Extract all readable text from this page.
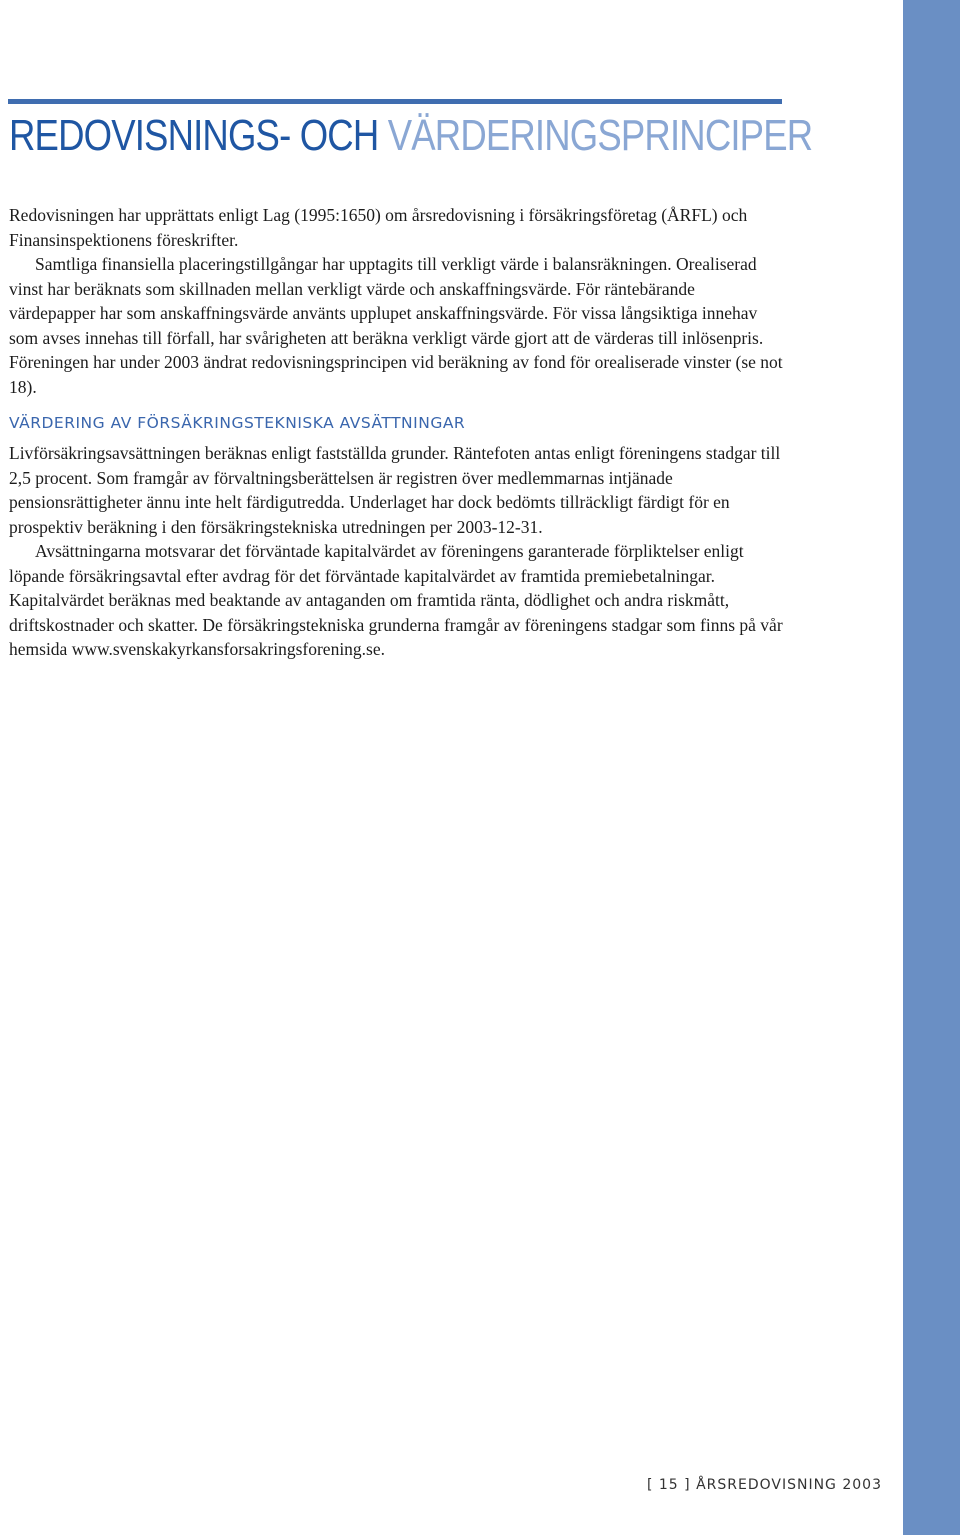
REDOVISNINGS- OCH VÄRDERINGSPRINCIPER

Redovisningen har upprättats enligt Lag (1995:1650) om årsredovisning i försäkringsföretag (ÅRFL) och Finansinspektionens föreskrifter.

Samtliga finansiella placeringstillgångar har upptagits till verkligt värde i balansräkningen. Orealiserad vinst har beräknats som skillnaden mellan verkligt värde och anskaffningsvärde. För räntebärande värdepapper har som anskaffningsvärde använts upplupet anskaffningsvärde. För vissa långsiktiga innehav som avses innehas till förfall, har svårigheten att beräkna verkligt värde gjort att de värderas till inlösenpris. Föreningen har under 2003 ändrat redovisningsprincipen vid beräkning av fond för orealiserade vinster (se not 18).

VÄRDERING AV FÖRSÄKRINGSTEKNISKA AVSÄTTNINGAR

Livförsäkringsavsättningen beräknas enligt fastställda grunder. Räntefoten antas enligt föreningens stadgar till 2,5 procent. Som framgår av förvaltningsberättelsen är registren över medlemmarnas intjänade pensionsrättigheter ännu inte helt färdigutredda. Underlaget har dock bedömts tillräckligt färdigt för en prospektiv beräkning i den försäkringstekniska utredningen per 2003-12-31.

Avsättningarna motsvarar det förväntade kapitalvärdet av föreningens garanterade förpliktelser enligt löpande försäkringsavtal efter avdrag för det förväntade kapitalvärdet av framtida premiebetalningar. Kapitalvärdet beräknas med beaktande av antaganden om framtida ränta, dödlighet och andra riskmått, driftskostnader och skatter. De försäkringstekniska grunderna framgår av föreningens stadgar som finns på vår hemsida www.svenskakyrkansforsakringsforening.se.

[ 15 ] ÅRSREDOVISNING 2003
